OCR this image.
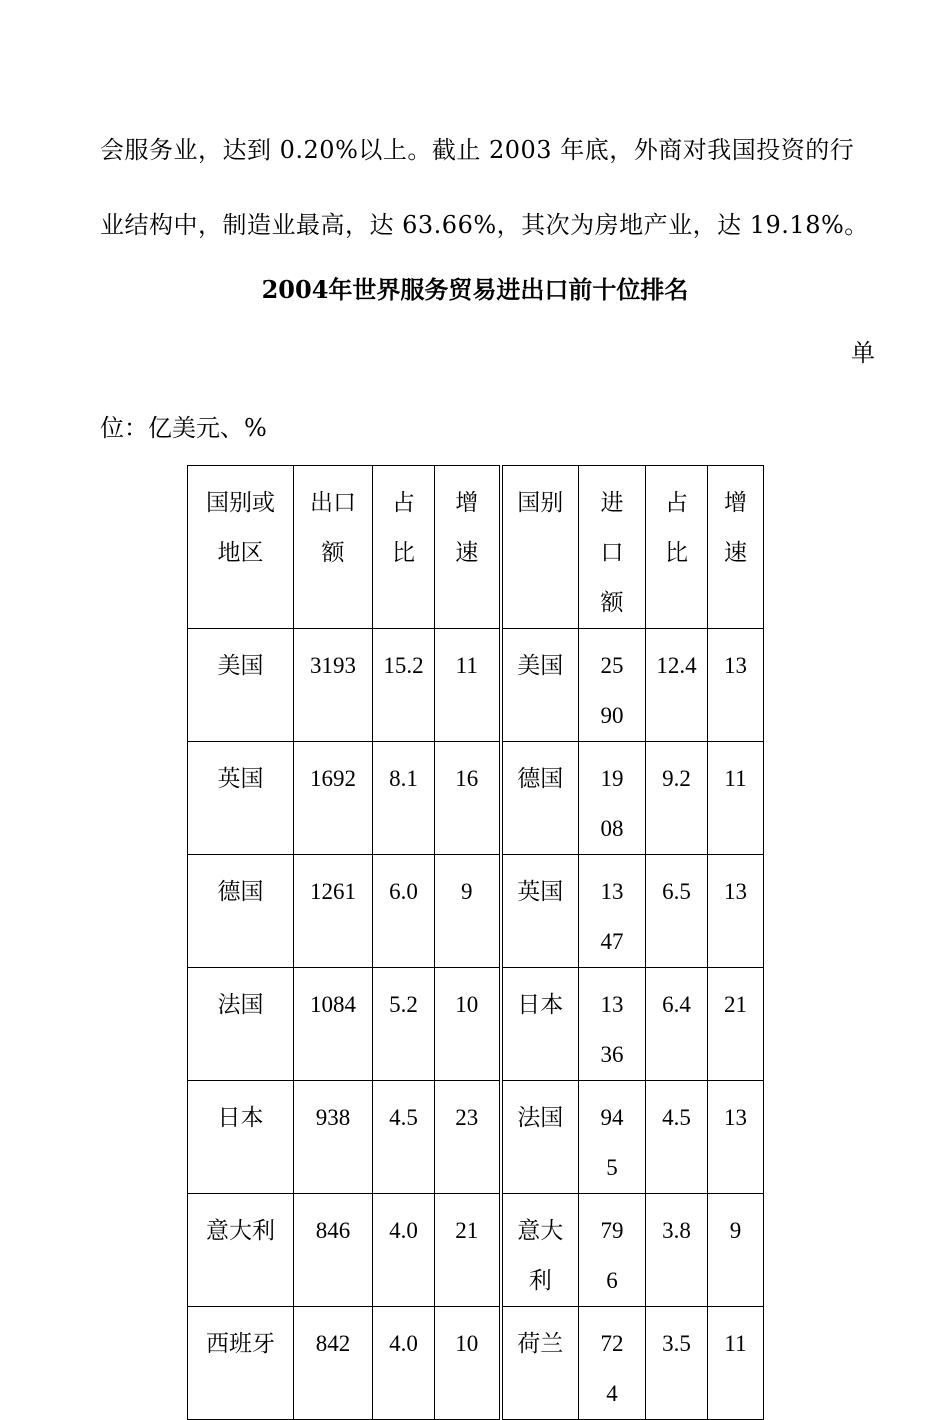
会服务业，达到 0.20%以上。截止 2003 年底，外商对我国投资的行
业结构中，制造业最高，达 63.66%，其次为房地产业，达 19.18%。
2004年世界服务贸易进出口前十位排名
单
位：亿美元、%
国别或地区	出口额	占比	增速	国别	进口额	占比	增速

美国	3193	15.2	11	美国	2590	12.4	13

英国	1692	8.1	16	德国	1908	9.2	11

德国	1261	6.0	9	英国	1347	6.5	13

法国	1084	5.2	10	日本	1336	6.4	21

日本	938	4.5	23	法国	945	4.5	13

意大利	846	4.0	21	意大利	796	3.8	9

西班牙	842	4.0	10	荷兰	724	3.5	11
